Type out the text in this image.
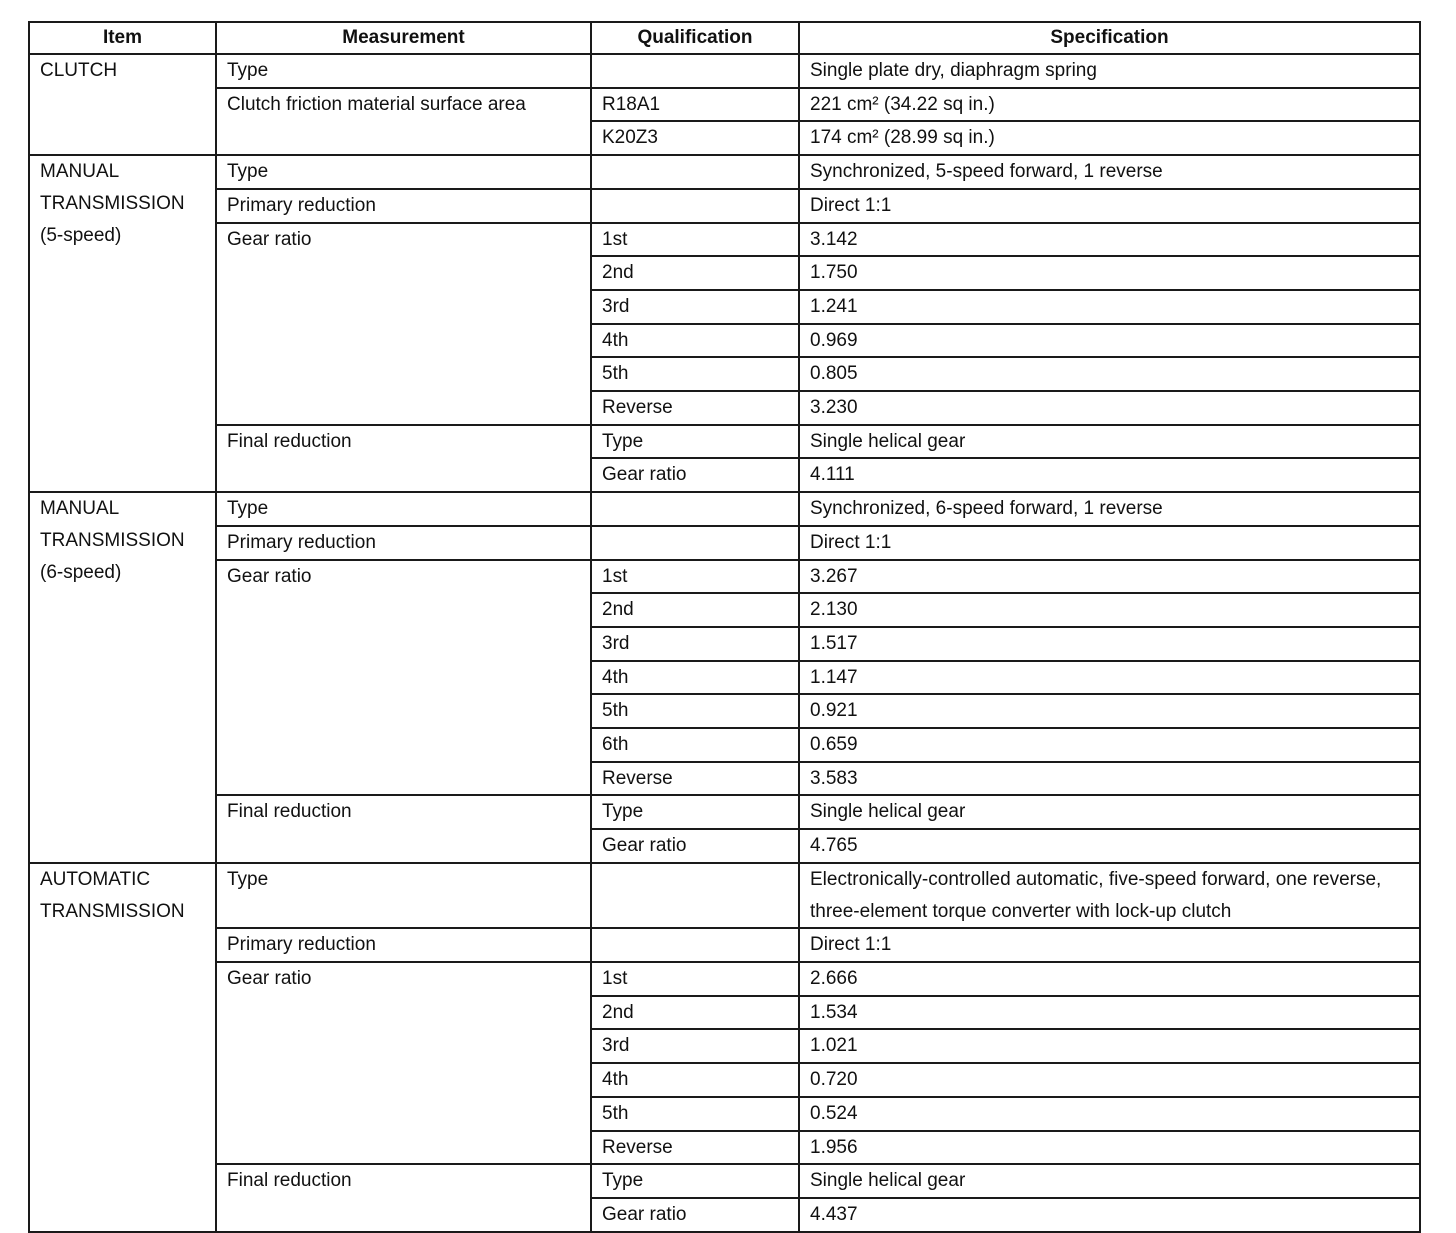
Item	Measurement	Qualification	Specification

CLUTCH	Type		Single plate dry, diaphragm spring
	Clutch friction material surface area	R18A1	221 cm² (34.22 sq in.)
		K20Z3	174 cm² (28.99 sq in.)

MANUAL
TRANSMISSION
(5-speed)	Type		Synchronized, 5-speed forward, 1 reverse
	Primary reduction		Direct 1:1
	Gear ratio	1st	3.142
		2nd	1.750
		3rd	1.241
		4th	0.969
		5th	0.805
		Reverse	3.230
	Final reduction	Type	Single helical gear
		Gear ratio	4.111

MANUAL
TRANSMISSION
(6-speed)	Type		Synchronized, 6-speed forward, 1 reverse
	Primary reduction		Direct 1:1
	Gear ratio	1st	3.267
		2nd	2.130
		3rd	1.517
		4th	1.147
		5th	0.921
		6th	0.659
		Reverse	3.583
	Final reduction	Type	Single helical gear
		Gear ratio	4.765

AUTOMATIC
TRANSMISSION	Type		Electronically-controlled automatic, five-speed forward, one reverse, three-element torque converter with lock-up clutch
	Primary reduction		Direct 1:1
	Gear ratio	1st	2.666
		2nd	1.534
		3rd	1.021
		4th	0.720
		5th	0.524
		Reverse	1.956
	Final reduction	Type	Single helical gear
		Gear ratio	4.437
